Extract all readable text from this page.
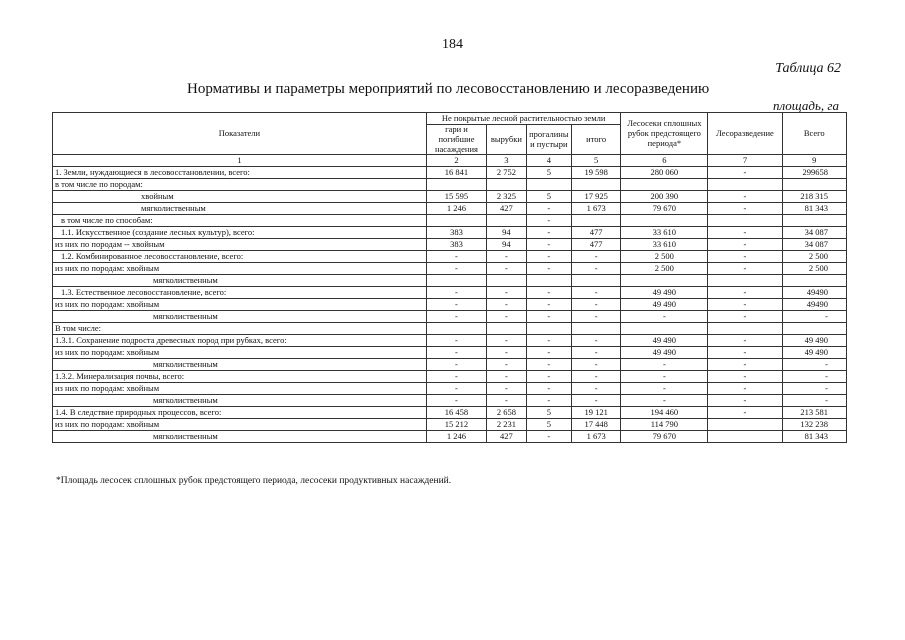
184
Таблица 62
Нормативы и параметры мероприятий по лесовосстановлению и лесоразведению
площадь, га
Показатели	Не покрытые лесной растительностью земли				Лесосеки сплошных рубок предстоящего периода*	Лесоразведение	Всего
	гари и погибшие насаждения	вырубки	прогалины и пустыри	итого			
1	2	3	4	5	6	7	9
1. Земли, нуждающиеся в лесовосстановлении, всего:	16 841	2 752	5	19 598	280 060	-	299658
в том числе по породам:							
хвойным	15 595	2 325	5	17 925	200 390	-	218 315
мягколиственным	1 246	427	-	1 673	79 670	-	81 343
в том числе по способам:			-				
1.1. Искусственное (создание лесных культур), всего:	383	94	-	477	33 610	-	34 087
из них по породам -- хвойным	383	94	-	477	33 610	-	34 087
1.2. Комбинированное лесовосстановление, всего:	-	-	-	-	2 500	-	2 500
из них по породам: хвойным	-	-	-	-	2 500	-	2 500
мягколиственным							
1.3. Естественное лесовосстановление, всего:	-	-	-	-	49 490	-	49490
из них по породам: хвойным	-	-	-	-	49 490	-	49490
мягколиственным	-	-	-	-	-	-	-
В том числе:							
1.3.1. Сохранение подроста древесных пород при рубках, всего:	-	-	-	-	49 490	-	49 490
из них по породам: хвойным	-	-	-	-	49 490	-	49 490
мягколиственным	-	-	-	-	-	-	-
1.3.2. Минерализация почвы, всего:	-	-	-	-	-	-	-
из них по породам: хвойным	-	-	-	-	-	-	-
мягколиственным	-	-	-	-	-	-	-
1.4. В следствие природных процессов, всего:	16 458	2 658	5	19 121	194 460	-	213 581
из них по породам: хвойным	15 212	2 231	5	17 448	114 790		132 238
мягколиственным	1 246	427	-	1 673	79 670		81 343
*Площадь лесосек сплошных рубок предстоящего периода, лесосеки продуктивных насаждений.
